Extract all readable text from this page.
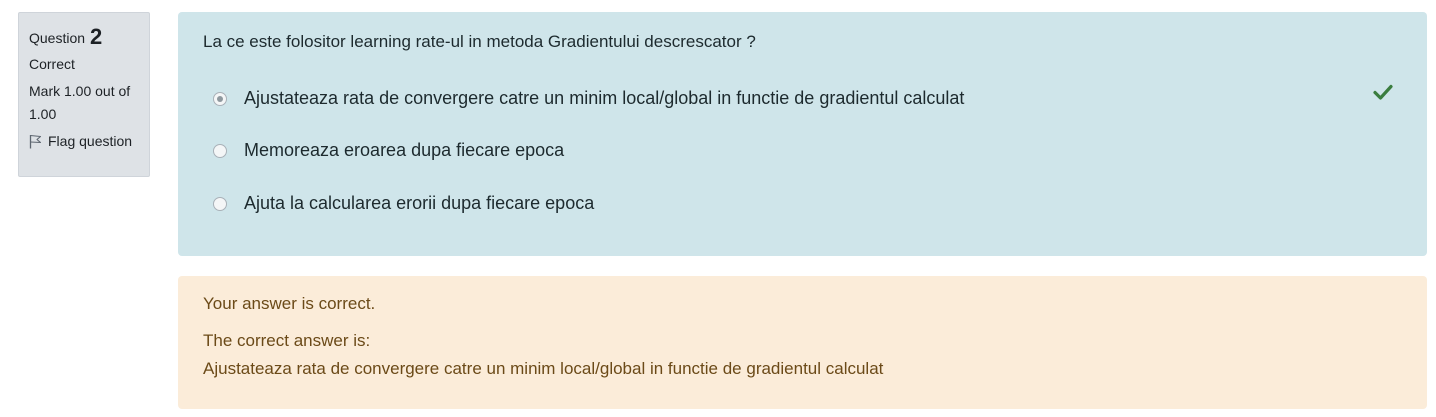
Question 2
Correct
Mark 1.00 out of 1.00
Flag question
La ce este folositor learning rate-ul in metoda Gradientului descrescator ?
Ajustateaza rata de convergere catre un minim local/global in functie de gradientul calculat
Memoreaza eroarea dupa fiecare epoca
Ajuta la calcularea erorii dupa fiecare epoca

Your answer is correct.

The correct answer is:

Ajustateaza rata de convergere catre un minim local/global in functie de gradientul calculat
